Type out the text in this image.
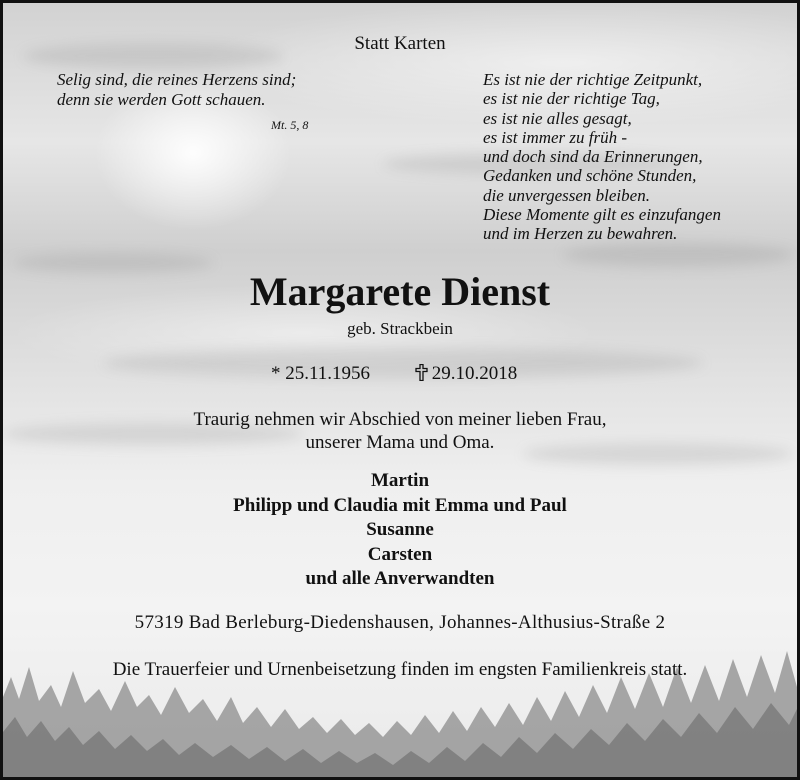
Statt Karten

Selig sind, die reines Herzens sind;
denn sie werden Gott schauen.

Mt. 5, 8

Es ist nie der richtige Zeitpunkt,
es ist nie der richtige Tag,
es ist nie alles gesagt,
es ist immer zu früh -
und doch sind da Erinnerungen,
Gedanken und schöne Stunden,
die unvergessen bleiben.
Diese Momente gilt es einzufangen
und im Herzen zu bewahren.

Margarete Dienst

geb. Strackbein

* 25.11.1956	29.10.2018

Traurig nehmen wir Abschied von meiner lieben Frau,
unserer Mama und Oma.
Martin
Philipp und Claudia mit Emma und Paul
Susanne
Carsten
und alle Anverwandten

57319 Bad Berleburg-Diedenshausen, Johannes-Althusius-Straße 2

Die Trauerfeier und Urnenbeisetzung finden im engsten Familienkreis statt.
